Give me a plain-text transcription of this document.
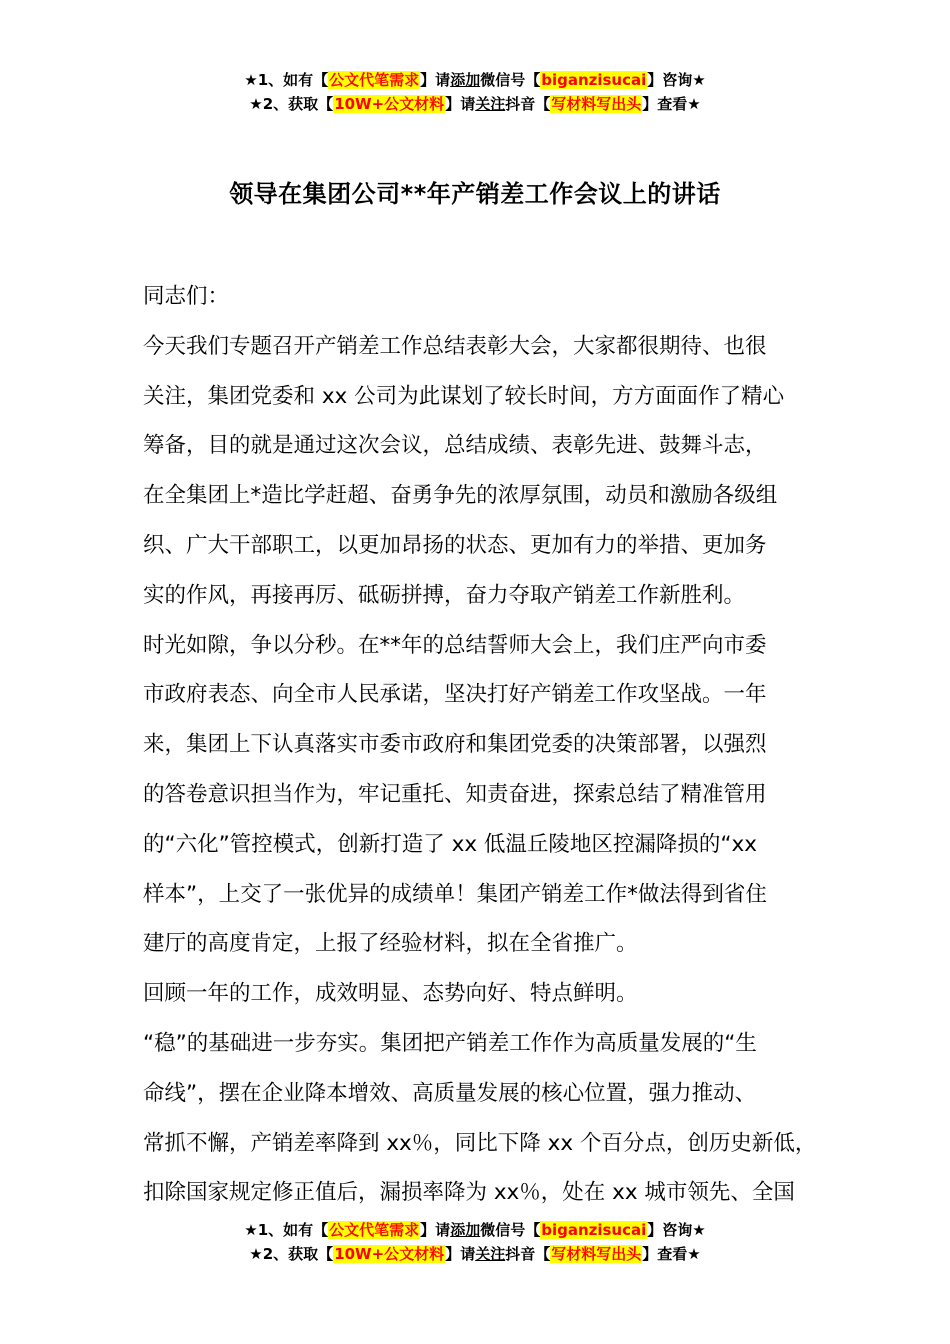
★1、如有【公文代笔需求】请添加微信号【biganzisucai】咨询★
★2、获取【10W+公文材料】请关注抖音【写材料写出头】查看★
领导在集团公司**年产销差工作会议上的讲话
同志们：
今天我们专题召开产销差工作总结表彰大会，大家都很期待、也很
关注，集团党委和 xx 公司为此谋划了较长时间，方方面面作了精心
筹备，目的就是通过这次会议，总结成绩、表彰先进、鼓舞斗志，
在全集团上*造比学赶超、奋勇争先的浓厚氛围，动员和激励各级组
织、广大干部职工，以更加昂扬的状态、更加有力的举措、更加务
实的作风，再接再厉、砥砺拼搏，奋力夺取产销差工作新胜利。
时光如隙，争以分秒。在**年的总结誓师大会上，我们庄严向市委
市政府表态、向全市人民承诺，坚决打好产销差工作攻坚战。一年
来，集团上下认真落实市委市政府和集团党委的决策部署，以强烈
的答卷意识担当作为，牢记重托、知责奋进，探索总结了精准管用
的“六化”管控模式，创新打造了 xx 低温丘陵地区控漏降损的“xx
样本”，上交了一张优异的成绩单！集团产销差工作*做法得到省住
建厅的高度肯定，上报了经验材料，拟在全省推广。
回顾一年的工作，成效明显、态势向好、特点鲜明。
“稳”的基础进一步夯实。集团把产销差工作作为高质量发展的“生
命线”，摆在企业降本增效、高质量发展的核心位置，强力推动、
常抓不懈，产销差率降到 xx％，同比下降 xx 个百分点，创历史新低，
扣除国家规定修正值后，漏损率降为 xx％，处在 xx 城市领先、全国
★1、如有【公文代笔需求】请添加微信号【biganzisucai】咨询★
★2、获取【10W+公文材料】请关注抖音【写材料写出头】查看★
